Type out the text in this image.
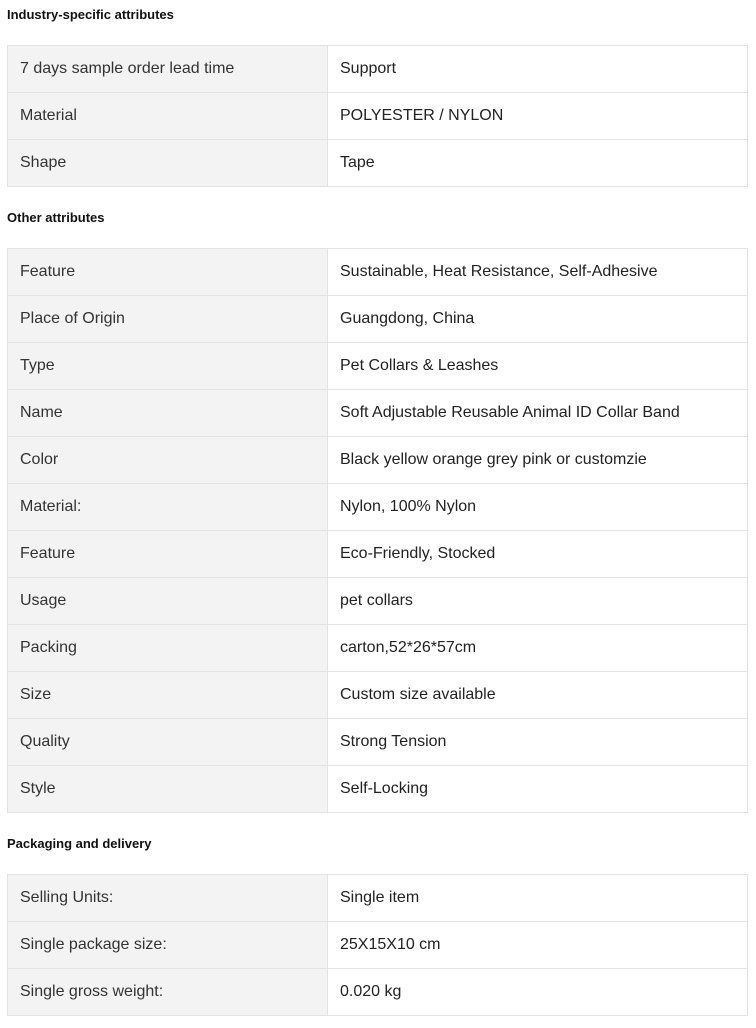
Industry-specific attributes
7 days sample order lead time	Support
Material	POLYESTER / NYLON
Shape	Tape
Other attributes
Feature	Sustainable, Heat Resistance, Self-Adhesive
Place of Origin	Guangdong, China
Type	Pet Collars & Leashes
Name	Soft Adjustable Reusable Animal ID Collar Band
Color	Black yellow orange grey pink or customzie
Material:	Nylon, 100% Nylon
Feature	Eco-Friendly, Stocked
Usage	pet collars
Packing	carton,52*26*57cm
Size	Custom size available
Quality	Strong Tension
Style	Self-Locking
Packaging and delivery
Selling Units:	Single item
Single package size:	25X15X10 cm
Single gross weight:	0.020 kg
